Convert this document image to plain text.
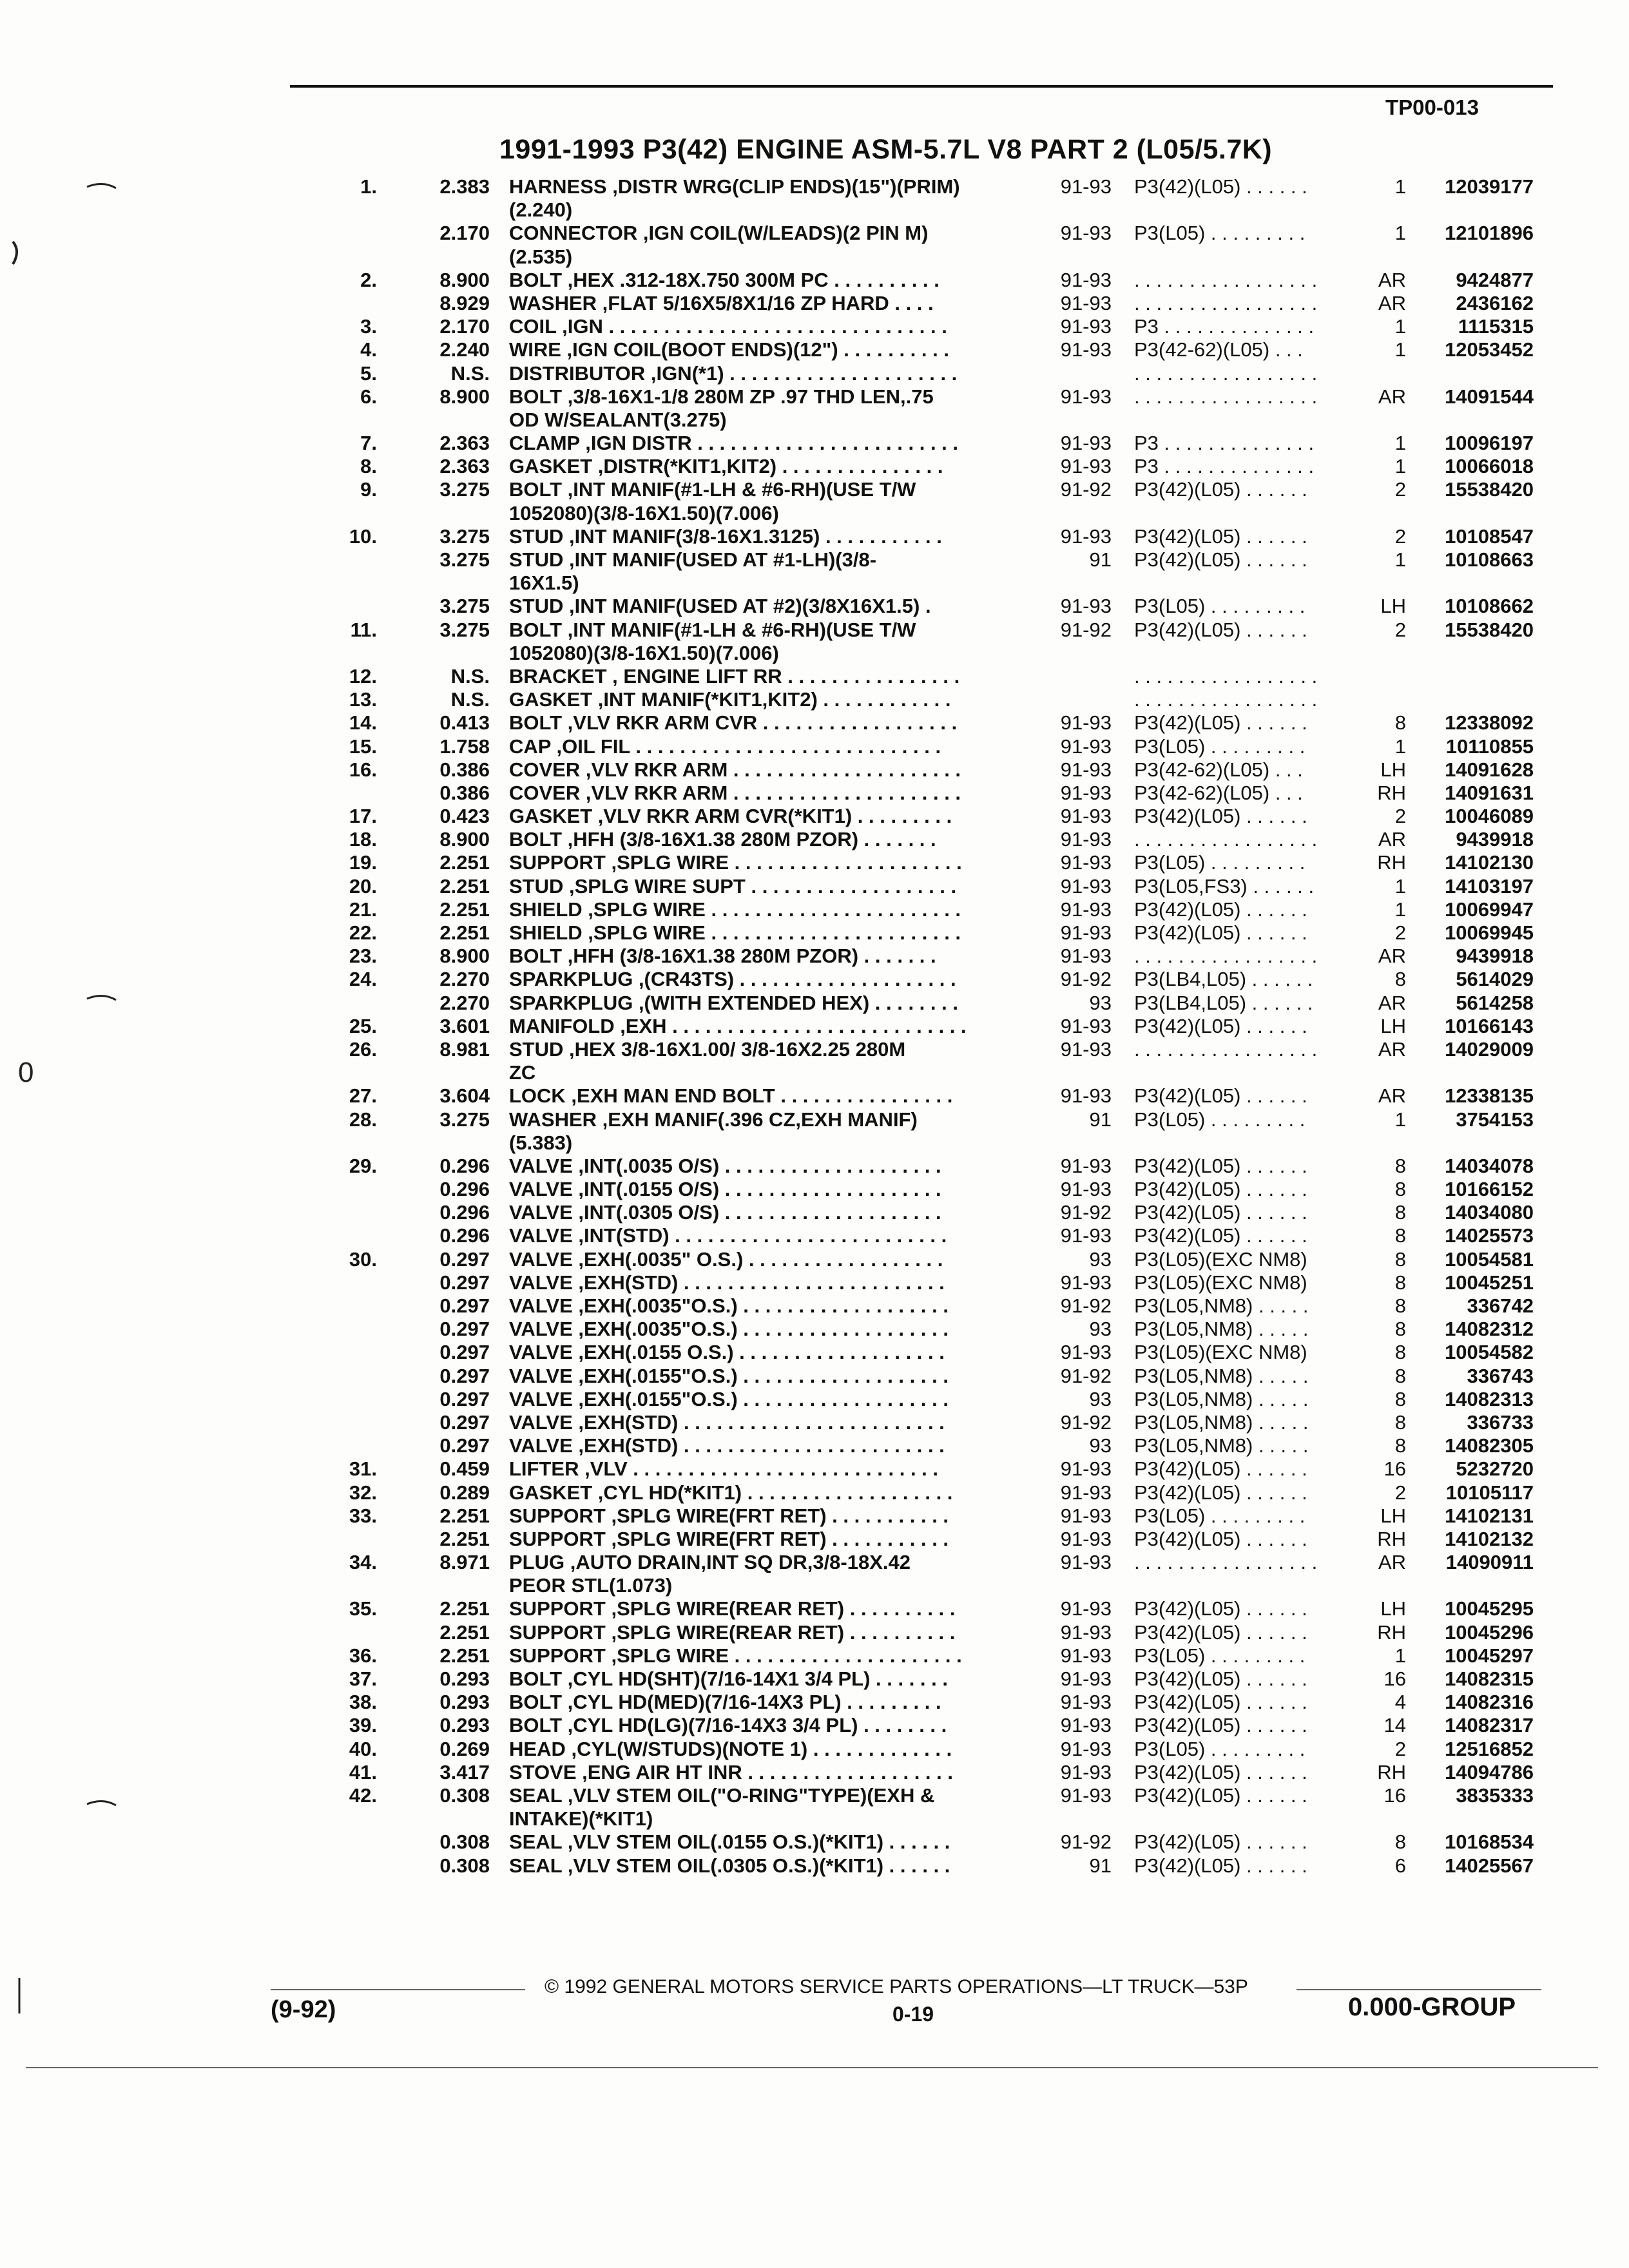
TP00-013
1991-1993 P3(42) ENGINE ASM-5.7L V8 PART 2 (L05/5.7K)
1.	2.383 HARNESS ,DISTR WRG(CLIP ENDS)(15")(PRIM)	91-93 P3(42)(L05) . . . . . .	1	12039177
(2.240)
2.170 CONNECTOR ,IGN COIL(W/LEADS)(2 PIN M)	91-93 P3(L05) . . . . . . . . .	1	12101896
(2.535)
2.	8.900 BOLT ,HEX .312-18X.750 300M PC . . . . . . . . . .	91-93 . . . . . . . . . . . . . . . . .	AR	9424877
8.929 WASHER ,FLAT 5/16X5/8X1/16 ZP HARD . . . .	91-93 . . . . . . . . . . . . . . . . .	AR	2436162
3.	2.170 COIL ,IGN . . . . . . . . . . . . . . . . . . . . . . . . . . . . . . .	91-93 P3 . . . . . . . . . . . . . .	1	1115315
4.	2.240 WIRE ,IGN COIL(BOOT ENDS)(12") . . . . . . . . . .	91-93 P3(42-62)(L05) . . .	1	12053452
5.	N.S. DISTRIBUTOR ,IGN(*1) . . . . . . . . . . . . . . . . . . . . .	. . . . . . . . . . . . . . . . .
6.	8.900 BOLT ,3/8-16X1-1/8 280M ZP .97 THD LEN,.75	91-93 . . . . . . . . . . . . . . . . .	AR	14091544
OD W/SEALANT(3.275)
7.	2.363 CLAMP ,IGN DISTR . . . . . . . . . . . . . . . . . . . . . . . .	91-93 P3 . . . . . . . . . . . . . .	1	10096197
8.	2.363 GASKET ,DISTR(*KIT1,KIT2) . . . . . . . . . . . . . . .	91-93 P3 . . . . . . . . . . . . . .	1	10066018
9.	3.275 BOLT ,INT MANIF(#1-LH & #6-RH)(USE T/W	91-92 P3(42)(L05) . . . . . .	2	15538420
1052080)(3/8-16X1.50)(7.006)
10.	3.275 STUD ,INT MANIF(3/8-16X1.3125) . . . . . . . . . . .	91-93 P3(42)(L05) . . . . . .	2	10108547
3.275 STUD ,INT MANIF(USED AT #1-LH)(3/8-	91 P3(42)(L05) . . . . . .	1	10108663
16X1.5)
3.275 STUD ,INT MANIF(USED AT #2)(3/8X16X1.5) .	91-93 P3(L05) . . . . . . . . .	LH	10108662
11.	3.275 BOLT ,INT MANIF(#1-LH & #6-RH)(USE T/W	91-92 P3(42)(L05) . . . . . .	2	15538420
1052080)(3/8-16X1.50)(7.006)
12.	N.S. BRACKET , ENGINE LIFT RR . . . . . . . . . . . . . . . .	. . . . . . . . . . . . . . . . .
13.	N.S. GASKET ,INT MANIF(*KIT1,KIT2) . . . . . . . . . . . .	. . . . . . . . . . . . . . . . .
14.	0.413 BOLT ,VLV RKR ARM CVR . . . . . . . . . . . . . . . . . .	91-93 P3(42)(L05) . . . . . .	8	12338092
15.	1.758 CAP ,OIL FIL . . . . . . . . . . . . . . . . . . . . . . . . . . . .	91-93 P3(L05) . . . . . . . . .	1	10110855
16.	0.386 COVER ,VLV RKR ARM . . . . . . . . . . . . . . . . . . . . .	91-93 P3(42-62)(L05) . . .	LH	14091628
0.386 COVER ,VLV RKR ARM . . . . . . . . . . . . . . . . . . . . .	91-93 P3(42-62)(L05) . . .	RH	14091631
17.	0.423 GASKET ,VLV RKR ARM CVR(*KIT1) . . . . . . . . .	91-93 P3(42)(L05) . . . . . .	2	10046089
18.	8.900 BOLT ,HFH (3/8-16X1.38 280M PZOR) . . . . . . .	91-93 . . . . . . . . . . . . . . . . .	AR	9439918
19.	2.251 SUPPORT ,SPLG WIRE . . . . . . . . . . . . . . . . . . . . .	91-93 P3(L05) . . . . . . . . .	RH	14102130
20.	2.251 STUD ,SPLG WIRE SUPT . . . . . . . . . . . . . . . . . . .	91-93 P3(L05,FS3) . . . . . .	1	14103197
21.	2.251 SHIELD ,SPLG WIRE . . . . . . . . . . . . . . . . . . . . . . .	91-93 P3(42)(L05) . . . . . .	1	10069947
22.	2.251 SHIELD ,SPLG WIRE . . . . . . . . . . . . . . . . . . . . . . .	91-93 P3(42)(L05) . . . . . .	2	10069945
23.	8.900 BOLT ,HFH (3/8-16X1.38 280M PZOR) . . . . . . .	91-93 . . . . . . . . . . . . . . . . .	AR	9439918
24.	2.270 SPARKPLUG ,(CR43TS) . . . . . . . . . . . . . . . . . . . .	91-92 P3(LB4,L05) . . . . . .	8	5614029
2.270 SPARKPLUG ,(WITH EXTENDED HEX) . . . . . . . .	93 P3(LB4,L05) . . . . . .	AR	5614258
25.	3.601 MANIFOLD ,EXH . . . . . . . . . . . . . . . . . . . . . . . . . . .	91-93 P3(42)(L05) . . . . . .	LH	10166143
26.	8.981 STUD ,HEX 3/8-16X1.00/ 3/8-16X2.25 280M	91-93 . . . . . . . . . . . . . . . . .	AR	14029009
ZC
27.	3.604 LOCK ,EXH MAN END BOLT . . . . . . . . . . . . . . . .	91-93 P3(42)(L05) . . . . . .	AR	12338135
28.	3.275 WASHER ,EXH MANIF(.396 CZ,EXH MANIF)	91 P3(L05) . . . . . . . . .	1	3754153
(5.383)
29.	0.296 VALVE ,INT(.0035 O/S) . . . . . . . . . . . . . . . . . . . .	91-93 P3(42)(L05) . . . . . .	8	14034078
0.296 VALVE ,INT(.0155 O/S) . . . . . . . . . . . . . . . . . . . .	91-93 P3(42)(L05) . . . . . .	8	10166152
0.296 VALVE ,INT(.0305 O/S) . . . . . . . . . . . . . . . . . . . .	91-92 P3(42)(L05) . . . . . .	8	14034080
0.296 VALVE ,INT(STD) . . . . . . . . . . . . . . . . . . . . . . . . .	91-93 P3(42)(L05) . . . . . .	8	14025573
30.	0.297 VALVE ,EXH(.0035" O.S.) . . . . . . . . . . . . . . . . . .	93 P3(L05)(EXC NM8)	8	10054581
0.297 VALVE ,EXH(STD) . . . . . . . . . . . . . . . . . . . . . . . .	91-93 P3(L05)(EXC NM8)	8	10045251
0.297 VALVE ,EXH(.0035"O.S.) . . . . . . . . . . . . . . . . . . .	91-92 P3(L05,NM8) . . . . .	8	336742
0.297 VALVE ,EXH(.0035"O.S.) . . . . . . . . . . . . . . . . . . .	93 P3(L05,NM8) . . . . .	8	14082312
0.297 VALVE ,EXH(.0155 O.S.) . . . . . . . . . . . . . . . . . . .	91-93 P3(L05)(EXC NM8)	8	10054582
0.297 VALVE ,EXH(.0155"O.S.) . . . . . . . . . . . . . . . . . . .	91-92 P3(L05,NM8) . . . . .	8	336743
0.297 VALVE ,EXH(.0155"O.S.) . . . . . . . . . . . . . . . . . . .	93 P3(L05,NM8) . . . . .	8	14082313
0.297 VALVE ,EXH(STD) . . . . . . . . . . . . . . . . . . . . . . . .	91-92 P3(L05,NM8) . . . . .	8	336733
0.297 VALVE ,EXH(STD) . . . . . . . . . . . . . . . . . . . . . . . .	93 P3(L05,NM8) . . . . .	8	14082305
31.	0.459 LIFTER ,VLV . . . . . . . . . . . . . . . . . . . . . . . . . . . .	91-93 P3(42)(L05) . . . . . .	16	5232720
32.	0.289 GASKET ,CYL HD(*KIT1) . . . . . . . . . . . . . . . . . . .	91-93 P3(42)(L05) . . . . . .	2	10105117
33.	2.251 SUPPORT ,SPLG WIRE(FRT RET) . . . . . . . . . . .	91-93 P3(L05) . . . . . . . . .	LH	14102131
2.251 SUPPORT ,SPLG WIRE(FRT RET) . . . . . . . . . . .	91-93 P3(42)(L05) . . . . . .	RH	14102132
34.	8.971 PLUG ,AUTO DRAIN,INT SQ DR,3/8-18X.42	91-93 . . . . . . . . . . . . . . . . .	AR	14090911
PEOR STL(1.073)
35.	2.251 SUPPORT ,SPLG WIRE(REAR RET) . . . . . . . . . .	91-93 P3(42)(L05) . . . . . .	LH	10045295
2.251 SUPPORT ,SPLG WIRE(REAR RET) . . . . . . . . . .	91-93 P3(42)(L05) . . . . . .	RH	10045296
36.	2.251 SUPPORT ,SPLG WIRE . . . . . . . . . . . . . . . . . . . . .	91-93 P3(L05) . . . . . . . . .	1	10045297
37.	0.293 BOLT ,CYL HD(SHT)(7/16-14X1 3/4 PL) . . . . . . .	91-93 P3(42)(L05) . . . . . .	16	14082315
38.	0.293 BOLT ,CYL HD(MED)(7/16-14X3 PL) . . . . . . . . .	91-93 P3(42)(L05) . . . . . .	4	14082316
39.	0.293 BOLT ,CYL HD(LG)(7/16-14X3 3/4 PL) . . . . . . . .	91-93 P3(42)(L05) . . . . . .	14	14082317
40.	0.269 HEAD ,CYL(W/STUDS)(NOTE 1) . . . . . . . . . . . . .	91-93 P3(L05) . . . . . . . . .	2	12516852
41.	3.417 STOVE ,ENG AIR HT INR . . . . . . . . . . . . . . . . . . .	91-93 P3(42)(L05) . . . . . .	RH	14094786
42.	0.308 SEAL ,VLV STEM OIL("O-RING"TYPE)(EXH &	91-93 P3(42)(L05) . . . . . .	16	3835333
INTAKE)(*KIT1)
0.308 SEAL ,VLV STEM OIL(.0155 O.S.)(*KIT1) . . . . . .	91-92 P3(42)(L05) . . . . . .	8	10168534
0.308 SEAL ,VLV STEM OIL(.0305 O.S.)(*KIT1) . . . . . .	91 P3(42)(L05) . . . . . .	6	14025567
© 1992 GENERAL MOTORS SERVICE PARTS OPERATIONS—LT TRUCK—53P
(9-92)	0-19	0.000-GROUP
0
